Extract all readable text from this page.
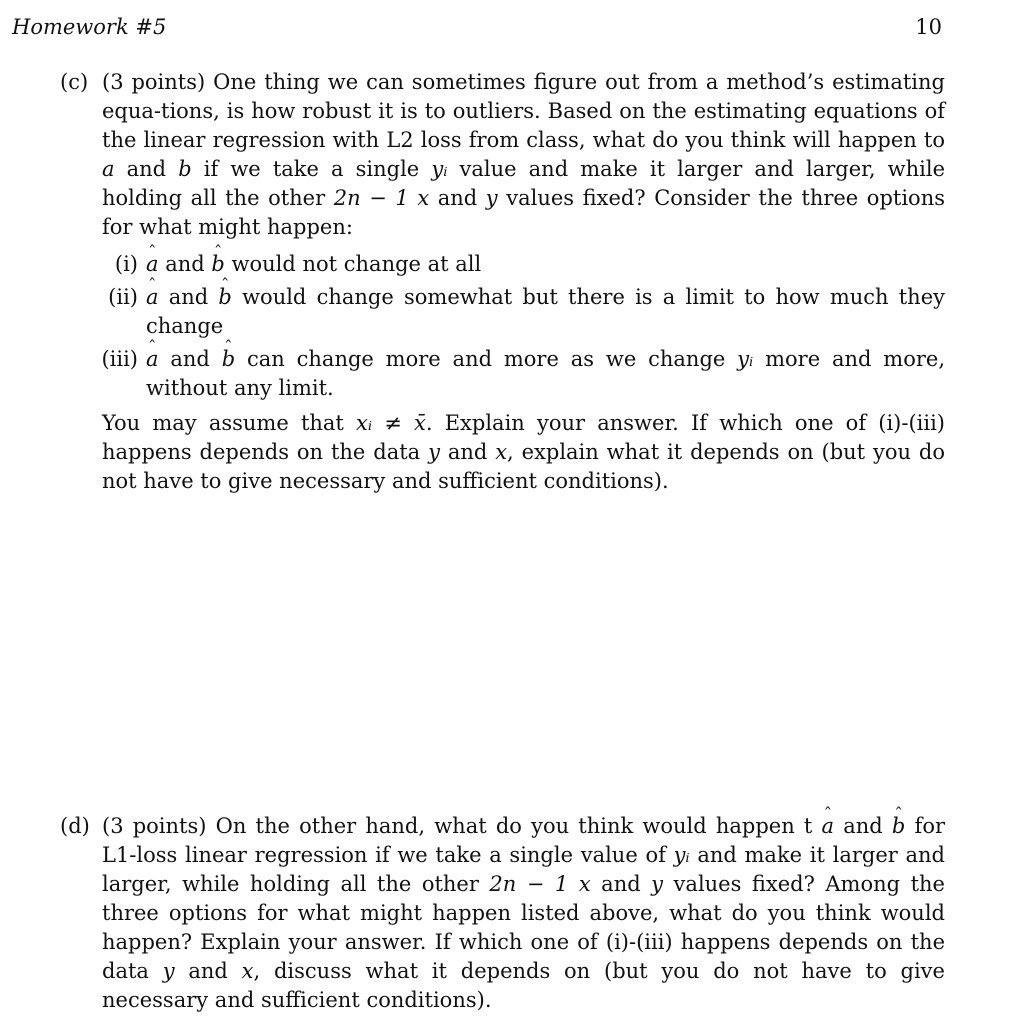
Homework #5	10
(c) (3 points) One thing we can sometimes figure out from a method’s estimating equa-tions, is how robust it is to outliers. Based on the estimating equations of the linear regression with L2 loss from class, what do you think will happen to a and b if we take a single yᵢ value and make it larger and larger, while holding all the other 2n − 1 x and y values fixed? Consider the three options for what might happen:
(i) ˆ a and ˆ b would not change at all
(ii) ˆ a and ˆ b would change somewhat but there is a limit to how much they change
(iii) ˆ a and ˆ b can change more and more as we change yᵢ more and more, without any limit.

You may assume that xᵢ ≠ x̄. Explain your answer. If which one of (i)-(iii) happens depends on the data y and x, explain what it depends on (but you do not have to give necessary and sufficient conditions).

(d) (3 points) On the other hand, what do you think would happen t ˆ a and ˆ b for L1-loss linear regression if we take a single value of yᵢ and make it larger and larger, while holding all the other 2n − 1 x and y values fixed? Among the three options for what might happen listed above, what do you think would happen? Explain your answer. If which one of (i)-(iii) happens depends on the data y and x, discuss what it depends on (but you do not have to give necessary and sufficient conditions).
